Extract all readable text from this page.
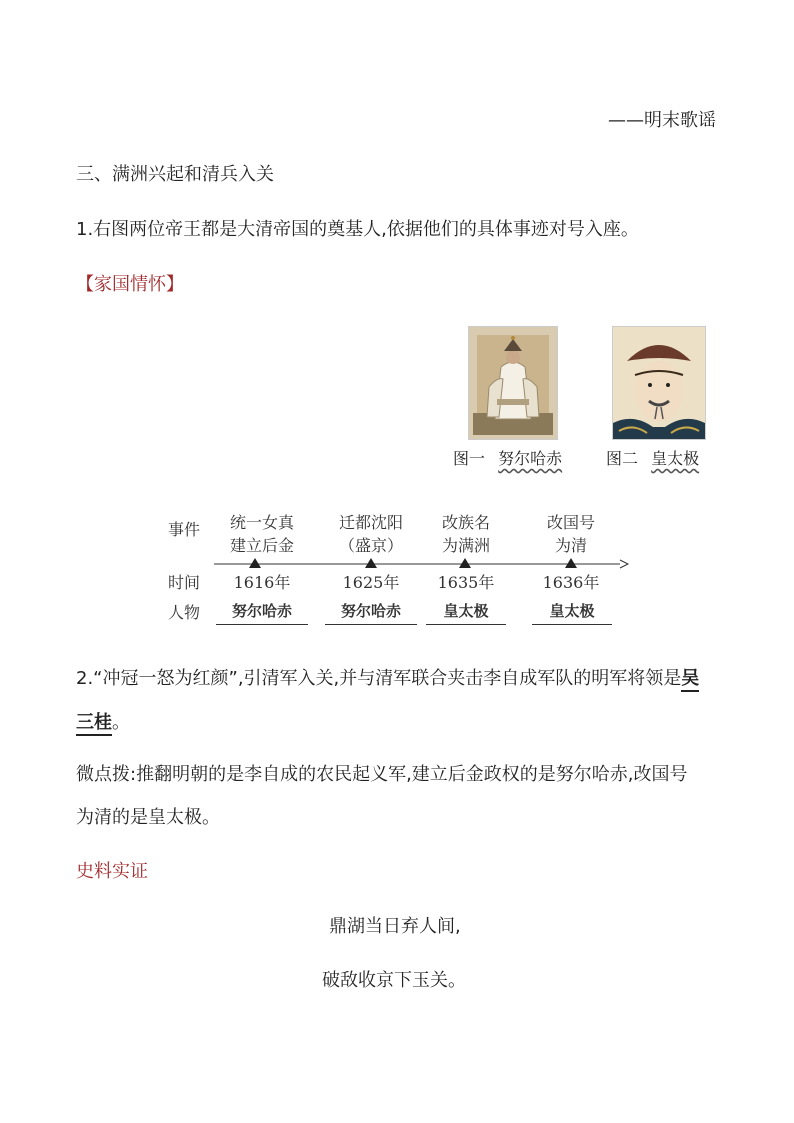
——明末歌谣
三、满洲兴起和清兵入关
1.右图两位帝王都是大清帝国的奠基人,依据他们的具体事迹对号入座。
【家国情怀】
图一 努尔哈赤	图二 皇太极
事件
时间
人物
统一女真
建立后金
1616年
努尔哈赤
迁都沈阳
（盛京）
1625年
努尔哈赤
改族名
为满洲
1635年
皇太极
改国号
为清
1636年
皇太极
2.“冲冠一怒为红颜”,引清军入关,并与清军联合夹击李自成军队的明军将领是吴
三桂。
微点拨:推翻明朝的是李自成的农民起义军,建立后金政权的是努尔哈赤,改国号
为清的是皇太极。
史料实证
鼎湖当日弃人间,
破敌收京下玉关。
